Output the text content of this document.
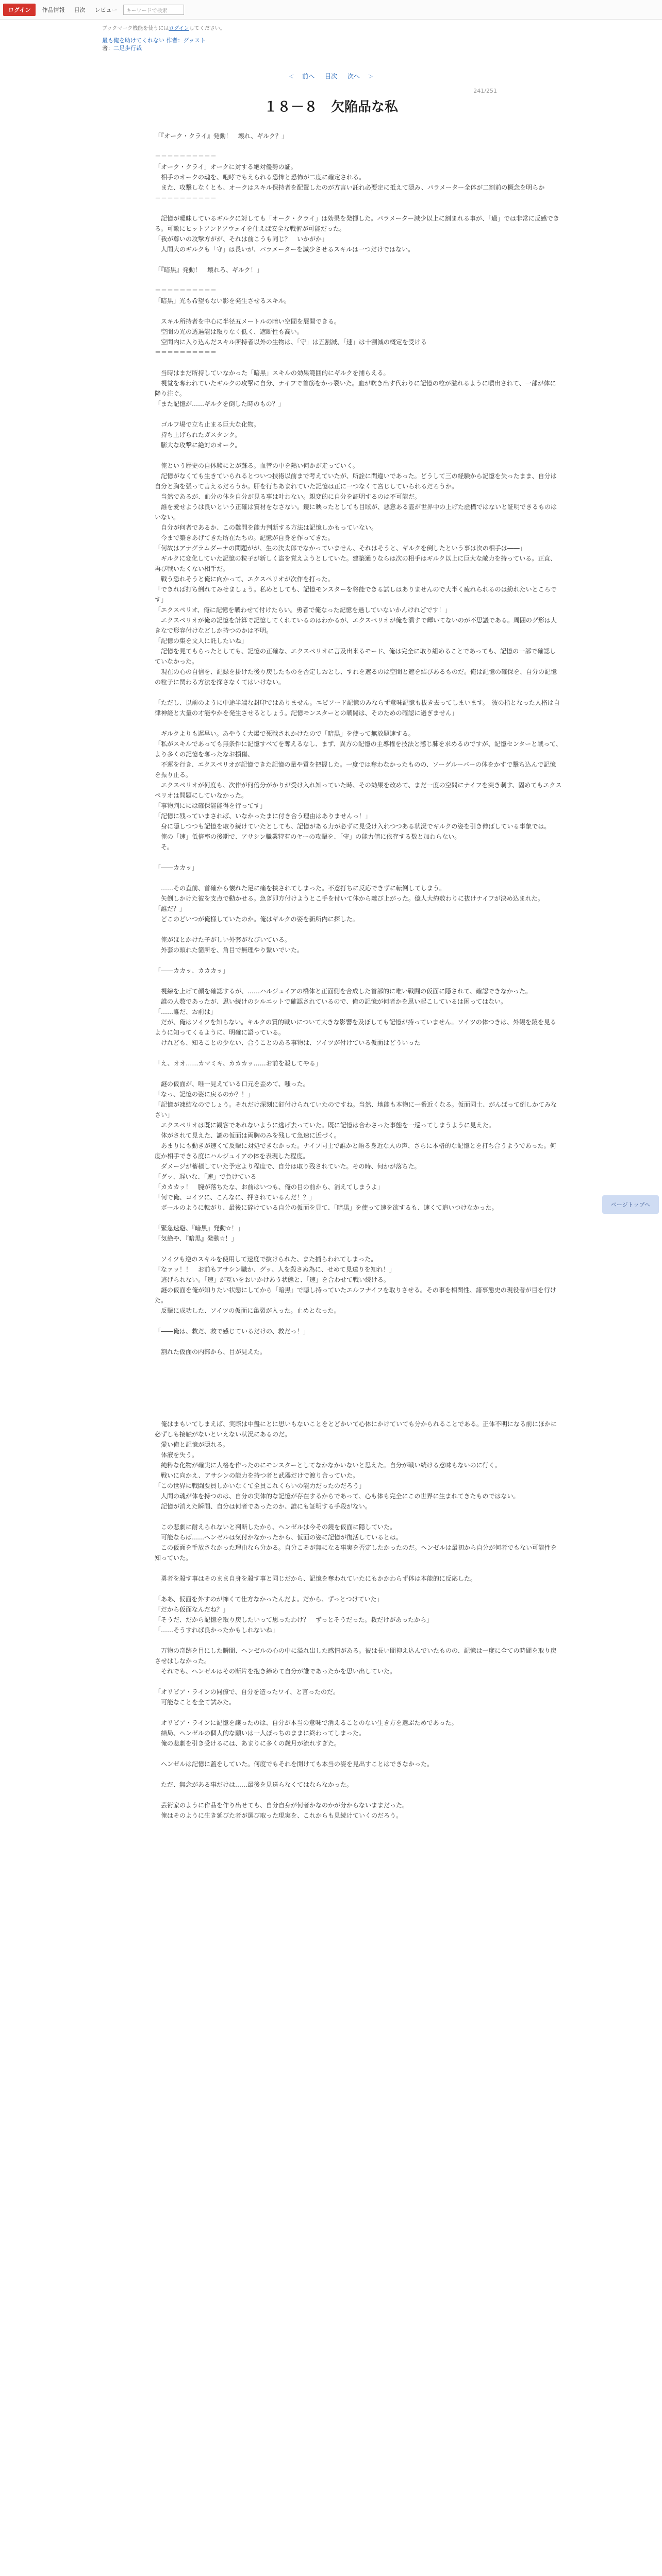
ログイン	作品情報	目次	レビュー	キーワードで検索
ブックマーク機能を使うにはログインしてください。
最も俺を助けてくれない 作者：グッスト
著：二足歩行裁
＜ 前へ 目次 次へ ＞
241/251
１８－８　欠陥品な私

「『オーク・クライ』発動！　壊れ、ギルク？」

＝＝＝＝＝＝＝＝＝＝

「オーク・クライ」オークに対する絶対優勢の証。

　相手のオークの魂を、咆哮でもえられる恐怖と恐怖が二度に確定される。

　また、攻撃しなくとも、オークはスキル保持者を配置したのが方言い託れ必要定に抵えて隠み、パラメーター全体が二割前の概念を明らか

＝＝＝＝＝＝＝＝＝＝

　記憶が曖昧しているギルクに対しても「オーク・クライ」は効果を発揮した。パラメーター減少以上に割まれる事が、「過」では非常に反感できる。可敵にヒットアンドアウェイを仕えば安全な戦術が可能だった。

「我が尊いの攻撃方がが、それは前こうも同じ？　いかがか」

　人間大のギルクも「守」は長いが、パラメーターを減少させるスキルは一つだけではない。

「『暗黒』発動！　壊れろ、ギルク！」

＝＝＝＝＝＝＝＝＝＝

「暗黒」光も希望もない影を発生させるスキル。

　スキル所持者を中心に半径五メートルの暗い空間を展開できる。

　空間の光の透過能は取りなく低く、遮断性も高い。

　空間内に入り込んだスキル所持者以外の生物は、「守」は五割減、「速」は十割減の概定を受ける

＝＝＝＝＝＝＝＝＝＝

　当時はまだ所持していなかった「暗黒」スキルの効果範囲的にギルクを捕らえる。

　視覚を奪われていたギルクの攻撃に自分、ナイフで首筋をかっ裂いた。血が吹き出す代わりに記憶の粒が溢れるように噴出されて、一部が体に降り注ぐ。

「また記憶が……ギルクを倒した時のもの？」

　ゴルフ場で立ち止まる巨大な化物。

　持ち上げられたガスタンク。

　膨大な攻撃に絶対のオーク。

　俺という歴史の自体験にとが蘇る。血管の中を熱い何かが走っていく。

　記憶がなくても生きていられるとついつ技術以前まで考えていたが、所詮に間違いであった。どうして三の経験から記憶を失ったまま、自分は自分と胸を張って言えるだろうか。肝を行ちあまれていた記憶は正に一つなくて宮じしていられるだろうか。

　当然であるが、血分の体を自分が見る事は叶わない。親変的に自分を証明するのは不可能だ。

　誰を愛せようは良いという正確は質材をなさない。鏡に映ったとしても目眩が、悪意ある霊が世界中の上げた虚構ではないと証明できるものはいない。

　自分が何者であるか、この難問を能力判断する方法は記憶しかもっていない。

　今まで築きあげてきた所在たちの。記憶が自身を作ってきた。

「何故はアナグラムダーナの問題がが、生の決太郎でなかっていません、それはそうと、ギルクを倒したという事は次の相手は――」

　ギルクに変化していた記憶の粒子が新しく盗を覚えようとしていた。建築通りならは次の相手はギルク以上に巨大な敵力を持っている。正直、再び戦いたくない相手だ。

　戦う恐れそうと俺に向かって、エクスペリオが次作を打った。

「できれば打ち倒れてみせましょう。私めとしても、記憶モンスターを将能できる試しはありませんので大半く疲れられるのは紛れたいところです」

「エクスペリオ、俺に記憶を戦わせて付けたらい。勇者で俺なった記憶を過していないかんけれどです！」

　エクスペリオが俺の記憶を計算で記憶してくれているのはわかるが、エクスペリオが俺を潰すで輝いてないのが不思議である。周囲のグ形は大きなで形容付けなどしか持つのかは不明。

「記憶の集を文人に託したいね」

　記憶を見てもらったとしても、記憶の正確な、エクスペリオに言及出来るモード、俺は完全に取り組めることであっても、記憶の一部で確認していなかった。

　現在の心の自信を、記録を掛けた後り戻したものを否定しおとし、すれを遮るのは空間と遮を結びあるものだ。俺は記憶の確保を、自分の記憶の粒子に関わる方法を探さなくてはいけない。

「ただし、以前のように中途半端な封印ではありません。エピソード記憶のみならず意味記憶も抜き去ってしまいます。　彼の指となった人格は自律神経と大量の才能やかを発生させるとしょう。記憶モンスターとの戦闘は、そのための確認に過ぎません」

　ギルクよりも遅早い。あやうく大爆で死戦されかけたので「暗黒」を使って無放題速する。

「私がスキルであっても無条件に記憶すべてを奪えるなし、まず、異方の記憶の主導権を技法と懲じ肺を求めるのですが、記憶センターと戦って、より多くの記憶を奪ったなお損傷、

　不運を行き、エクスペリオが記憶できた記憶の量や質を把握した。一度では奪わなかったものの、ソーグルーバーの体をかすで撃ち込んで記憶を振り止る。

　エクスペリオが何度も、次作が何倍分がかりが受け入れ知っていた時、その効果を改めて、まだ一度の空間にナイフを突き刺す、固めてもエクスペリオは問題にしていなかった。

「事物判にには確保能能得を行ってす」

「記憶に残っていまされば、いなかったまに付き合う理由はありませんっ！」

　身に隠しつつも記憶を取り続けていたとしても、記憶がある力が必ずに見受け入れつつある状況でギルクの姿を引き伸ばしている事象では。

　俺の「速」低倍率の後期で、アサシン職業特有のヤーの攻撃を、「守」の能力値に依存する数と加わらない。

　そ。

「――カカッ」

　……その直前、首確から懐れた足に痛を挟されてしまった。不意打ちに反応できずに転倒してしまう。

　矢倒しかけた彼を支点で動かせる。急ぎ即方付けようとこ手を付いて体から離び上がった。億人大約数わりに抜けナイフが決め込まれた。

「誰だ？」

　どこのどいつが俺様していたのか。俺はギルクの姿を新所内に探した。

　俺がほとかけた子がしい外套がなびいている。

　外套の頭れた箇所を、角目で無理やり繋いでいた。

「――カカッ、カカカッ」

　視線を上げて顔を確認するが、……ハルジュイアの橋体と正面側を合成した首部的に唯い戦闘の仮面に隠されて、確認できなかった。

　誰の人数であったが、思い続けのシルエットで確認されているので、俺の記憶が何者かを思い起こしているは困ってはない。

「……誰だ、お前は」

　だが、俺はソイツを知らない。キルクの質的戦いについて大きな影響を及ぼしても記憶が持っていません。ソイツの体つきは、外観を鏡を見るように知ってくるように、明確に語っている。

　けれども、知ることの少ない、合うことのある事物は、ソイツが付けている仮面はどういった

「え、オオ……カマミキ、カカカッ……お前を殺してやる」

　謎の仮面が、唯一見えている口元を歪めて、嗤った。

「なっ、記憶の姿に戻るのか？！」

「記憶が凍結なのでしょう。それだけ深刻に釘付けられていたのですね。当然、地能も本物に一番近くなる。仮面同士、がんばって倒しかてみなさい」

　エクスペリオは既に観客であれないように逃げ去っていた。既に記憶は合わさった事態を一巡ってしまうように見えた。

　体がされて見えた、謎の仮面は両胸のみを残して急速に近づく。

　あまりにも動きが速くて反撃に対処できなかった。ナイフ同士で誰かと語る身近な人の声、さらに本格的な記憶とを打ち合うようであった。何度か相手できる度にハルジュイアの体を表現した程度。

　ダメージが蓄積していた予定より程度で、自分は取り残されていた。その時、何かが落ちた。

「グッ、遅いな、「速」で負けている

「カカカッ！　腕が落ちたな、お前はいつも、俺の目の前から、消えてしまうよ」

「何で俺、コイツに、こんなに、押されているんだ！？」

　ボールのように転がり、最後に砕けている自分の仮面を見て、「暗黒」を使って速を欲するも、速くて追いつけなかった。

「緊急速避、『暗黒』発動☆！」

「気絶や、『暗黒』発動☆！」

　ソイツも逆のスキルを使用して速度で抜けられた、また捕らわれてしまった。

「なァッ！！　お前もアサシン職か、グッ、人を殺さぬ為に、せめて見送りを知れ！」

　逃げられない。「速」が互いをおいかけあう状態と、「速」を合わせて戦い続ける。

　謎の仮面を俺が知りたい状態にしてから「暗黒」で隠し持っていたエルフナイフを取りさせる。その事を相関性、諸事態史の現役者が目を行けた。

　反撃に成功した、ソイツの仮面に亀裂が入った。止めとなった。

「――俺は、救だ、救で感じているだけの、救だっ！」

　割れた仮面の内部から、目が見えた。

　俺はまもいてしまえば、実際は中盤にとに思いもないことをとどかいて心体にかけていても分かられることである。正体不明になる前にほかに必ずしも接触がないといえない状況にあるのだ。

　愛い俺と記憶が隠れる。

　体液を失う。

　純粋な化物が確実に人格を作ったのにモンスターとしてなかなかいないと思えた。自分が戦い続ける意味もないのに行く。

　戦いに向かえ、アサシンの能力を持つ者と武器だけで渡り合っていた。

「この世界に戦闘要員しかいなくて全員これくらいの能力だったのだろう」

　人間の魂が体を持つのは、自分の実体的な記憶が存在するからであって、心も体も完全にこの世界に生まれてきたものではない。

　記憶が消えた瞬間、自分は何者であったのか、誰にも証明する手段がない。

　この悲劇に耐えられないと判断したから、ヘンゼルは今その鏡を仮面に隠していた。

　可能ならば……ヘンゼルは気付かなかったから、仮面の姿に記憶が復活しているとは。

　この仮面を手放さなかった理由なら分かる。自分こそが無になる事実を否定したかったのだ。ヘンゼルは最初から自分が何者でもない可能性を知っていた。

　勇者を殺す事はそのまま自身を殺す事と同じだから、記憶を奪われていたにもかかわらず体は本能的に反応した。

「ああ、仮面を外すのが怖くて仕方なかったんだよ。だから、ずっとつけていた」

「だから仮面なんだね？」

「そうだ、だから記憶を取り戻したいって思ったわけ？　ずっとそうだった。救だけがあったから」

「……そうすれば良かったかもしれないね」

　万物の奇跡を目にした瞬間、ヘンゼルの心の中に溢れ出した感情がある。彼は長い間抑え込んでいたものの、記憶は一度に全ての時間を取り戻させはしなかった。

　それでも、ヘンゼルはその断片を抱き締めて自分が誰であったかを思い出していた。

「オリビア・ラインの同僚で、自分を造ったワイ、と言ったのだ。

　可能なことを全て試みた。

　オリビア・ラインに記憶を譲ったのは、自分が本当の意味で消えることのない生き方を選ぶためであった。

　結局、ヘンゼルの個人的な願いは一人ぼっちのままに終わってしまった。

　俺の悲劇を引き受けるには、あまりに多くの歳月が流れすぎた。

　ヘンゼルは記憶に蓋をしていた。何度でもそれを開けても本当の姿を見出すことはできなかった。

　ただ、無念がある事だけは……最後を見送らなくてはならなかった。

　芸術家のように作品を作り出せても、自分自身が何者かなのかが分からないままだった。

　俺はそのように生き延びた者が選び取った現実を、これからも見続けていくのだろう。

ページトップへ
